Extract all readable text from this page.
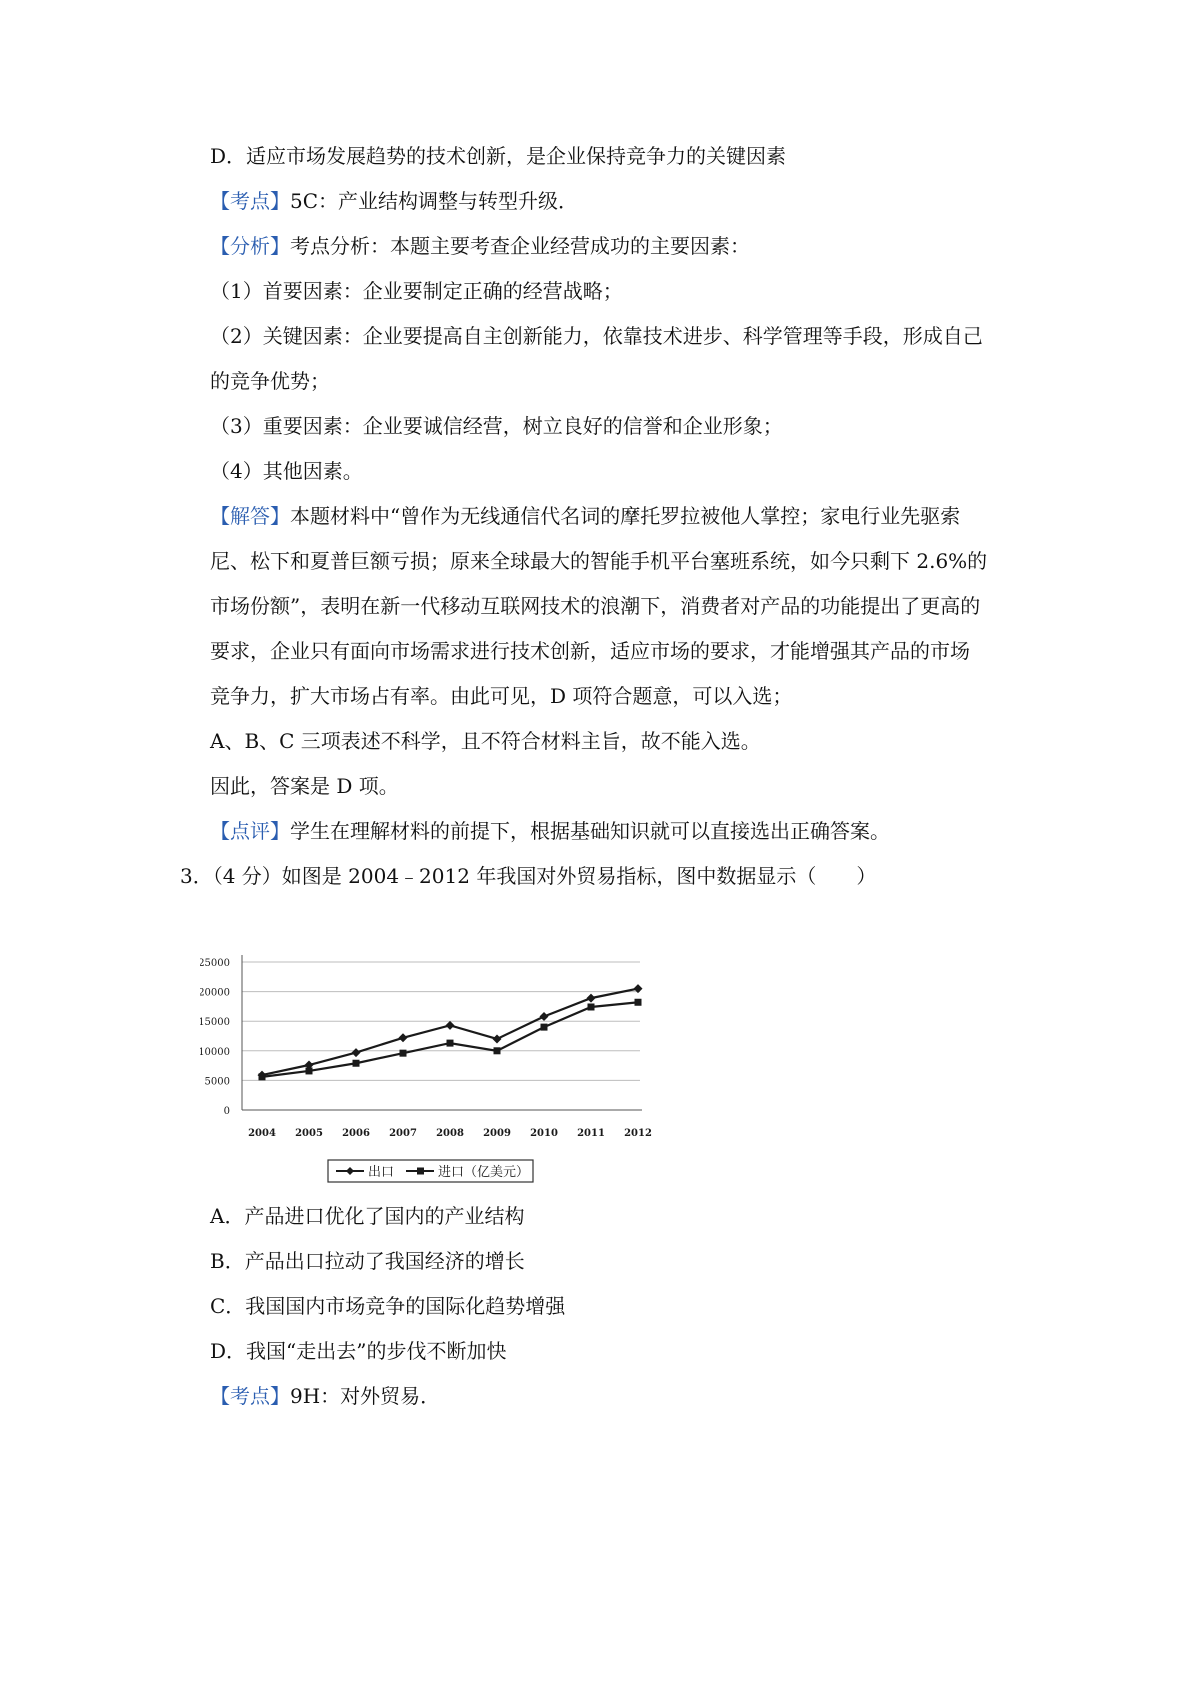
D．适应市场发展趋势的技术创新，是企业保持竞争力的关键因素
【考点】5C：产业结构调整与转型升级．
【分析】考点分析：本题主要考查企业经营成功的主要因素：
（1）首要因素：企业要制定正确的经营战略；
（2）关键因素：企业要提高自主创新能力，依靠技术进步、科学管理等手段，形成自己
的竞争优势；
（3）重要因素：企业要诚信经营，树立良好的信誉和企业形象；
（4）其他因素。
【解答】本题材料中“曾作为无线通信代名词的摩托罗拉被他人掌控；家电行业先驱索
尼、松下和夏普巨额亏损；原来全球最大的智能手机平台塞班系统，如今只剩下 2.6%的
市场份额”，表明在新一代移动互联网技术的浪潮下，消费者对产品的功能提出了更高的
要求，企业只有面向市场需求进行技术创新，适应市场的要求，才能增强其产品的市场
竞争力，扩大市场占有率。由此可见，D 项符合题意，可以入选；
A、B、C 三项表述不科学，且不符合材料主旨，故不能入选。
因此，答案是 D 项。
【点评】学生在理解材料的前提下，根据基础知识就可以直接选出正确答案。
3．（4 分）如图是 2004﹣2012 年我国对外贸易指标，图中数据显示（　　）
0
5000
10000
15000
20000
25000
2004 2005 2006 2007 2008 2009 2010 2011 2012
出口	进口（亿美元）
A．产品进口优化了国内的产业结构
B．产品出口拉动了我国经济的增长
C．我国国内市场竞争的国际化趋势增强
D．我国“走出去”的步伐不断加快
【考点】9H：对外贸易．
